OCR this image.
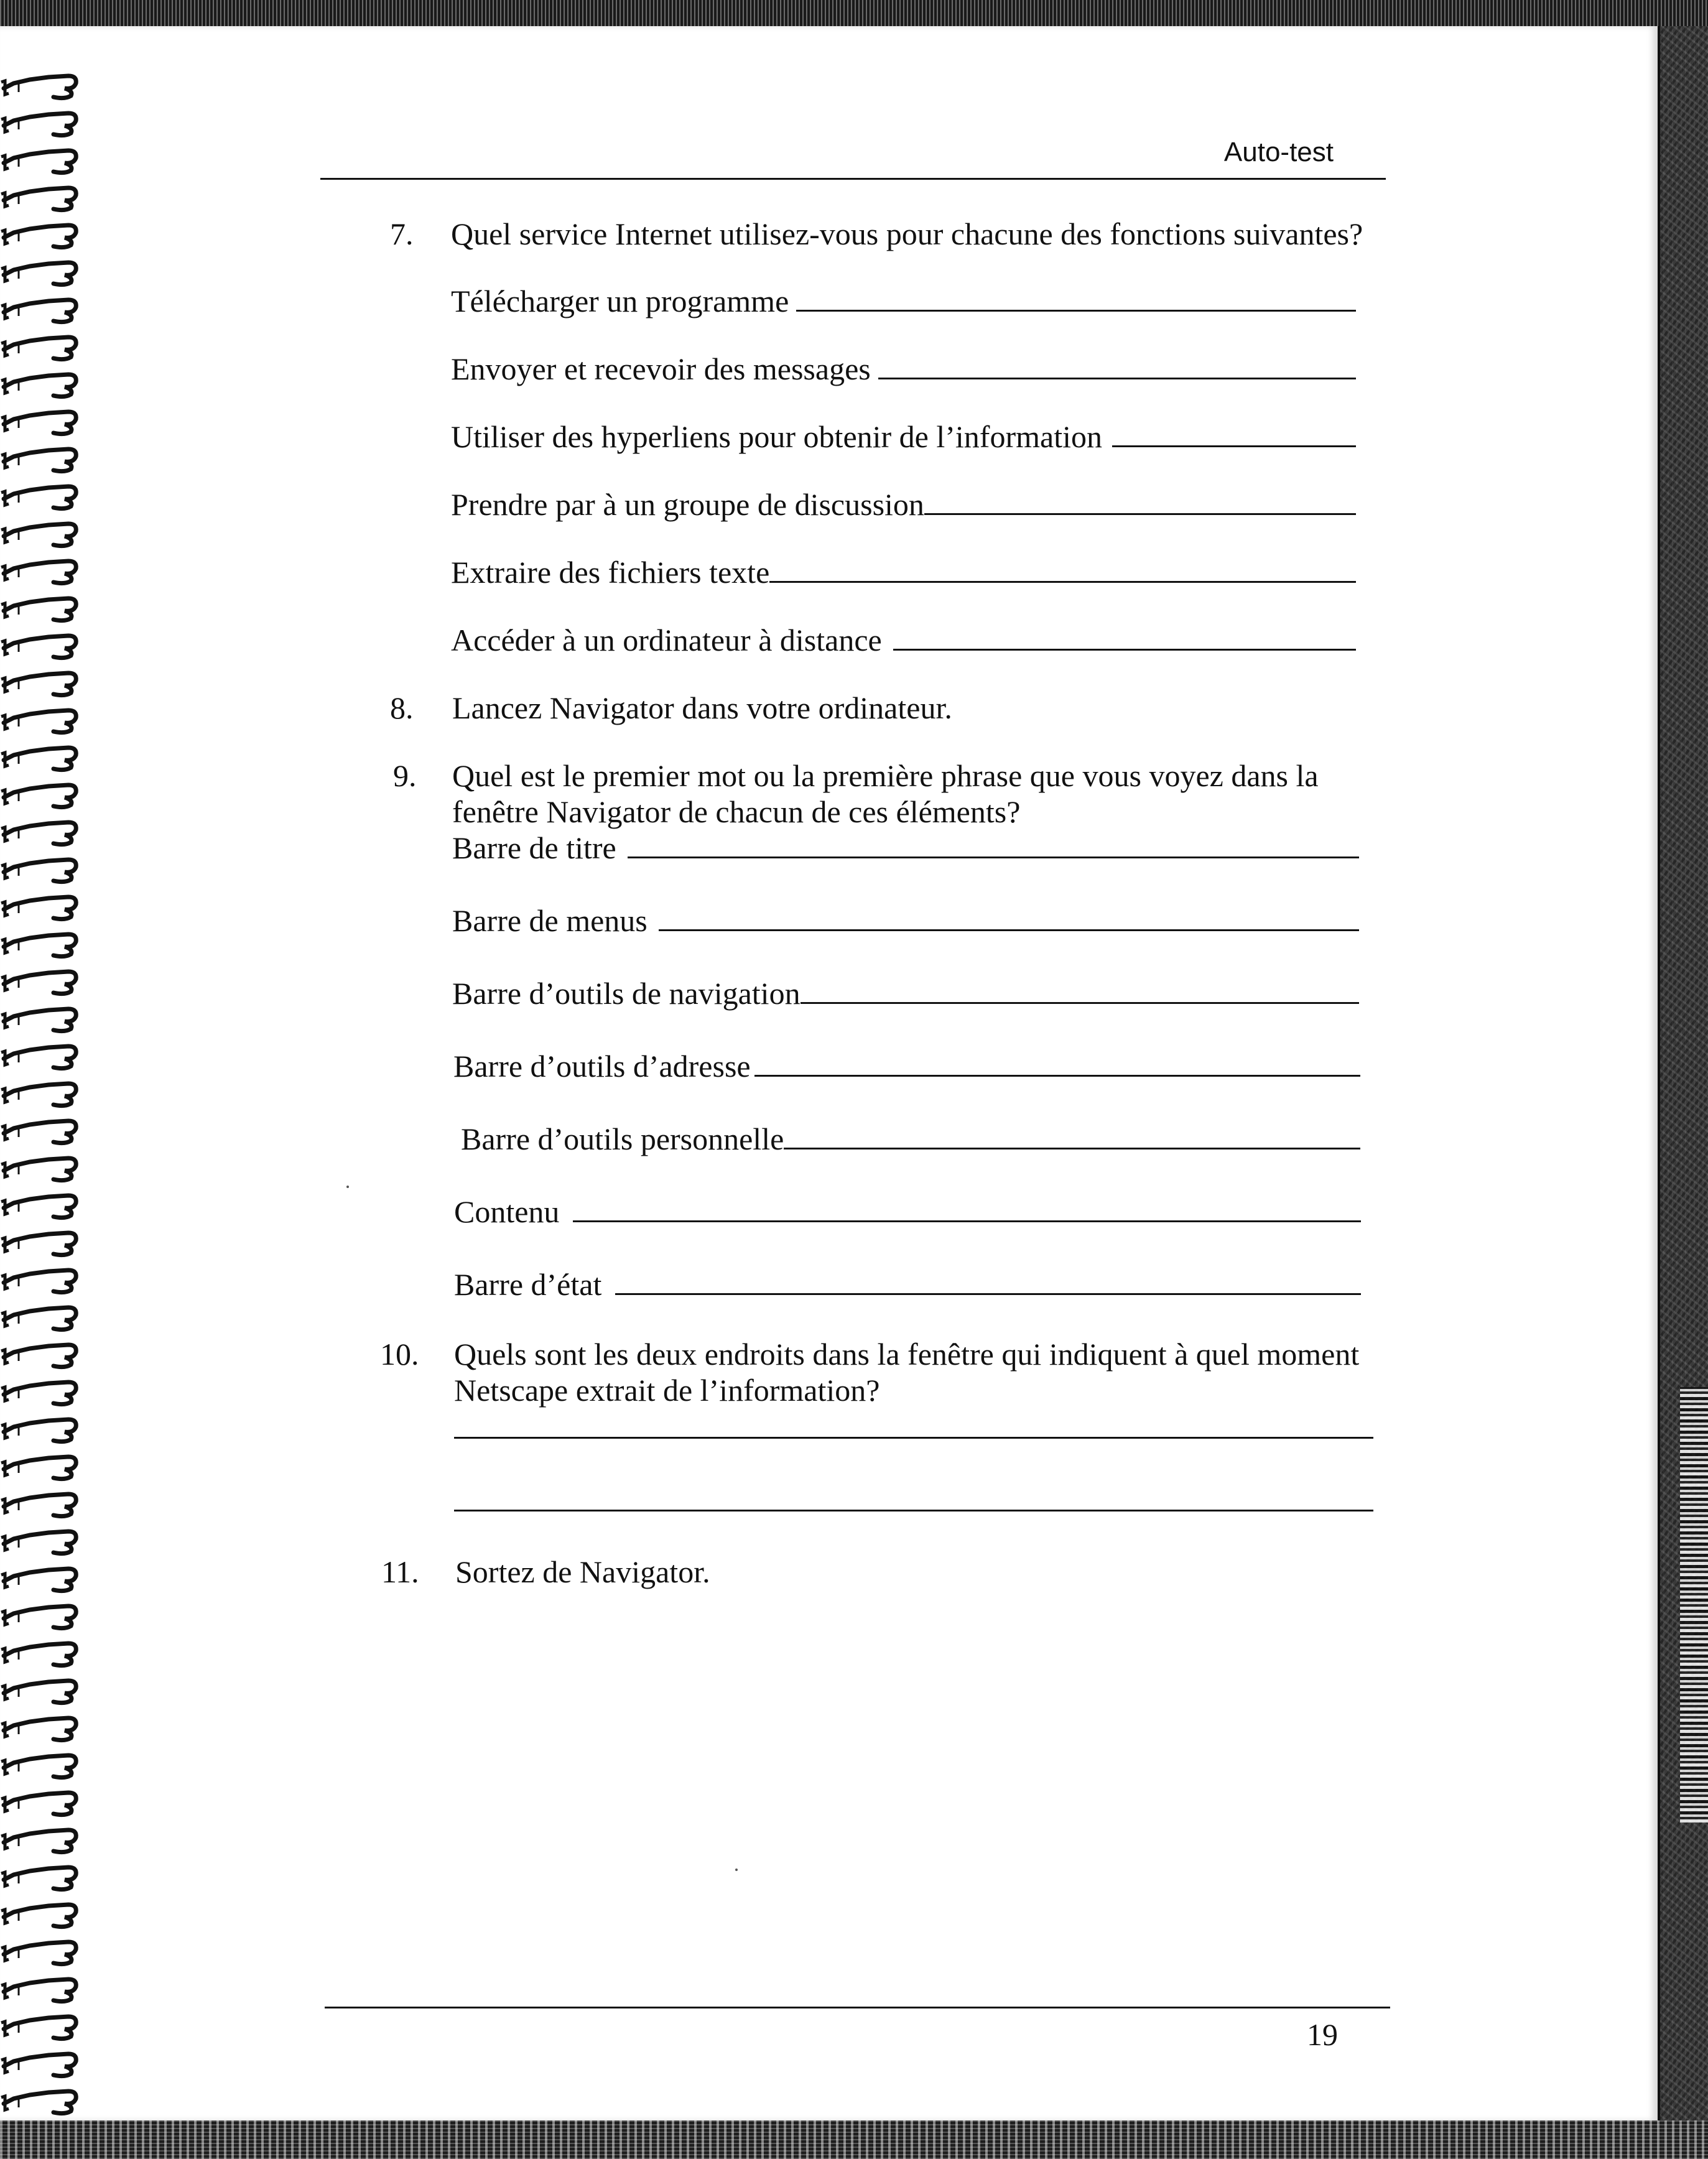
Auto-test
7. Quel service Internet utilisez-vous pour chacune des fonctions suivantes?
Télécharger un programme
Envoyer et recevoir des messages
Utiliser des hyperliens pour obtenir de l’information
Prendre par à un groupe de discussion
Extraire des fichiers texte
Accéder à un ordinateur à distance
8. Lancez Navigator dans votre ordinateur.
9. Quel est le premier mot ou la première phrase que vous voyez dans la
fenêtre Navigator de chacun de ces éléments?
Barre de titre
Barre de menus
Barre d’outils de navigation
Barre d’outils d’adresse
Barre d’outils personnelle
Contenu
Barre d’état
10. Quels sont les deux endroits dans la fenêtre qui indiquent à quel moment
Netscape extrait de l’information?
11. Sortez de Navigator.
19
